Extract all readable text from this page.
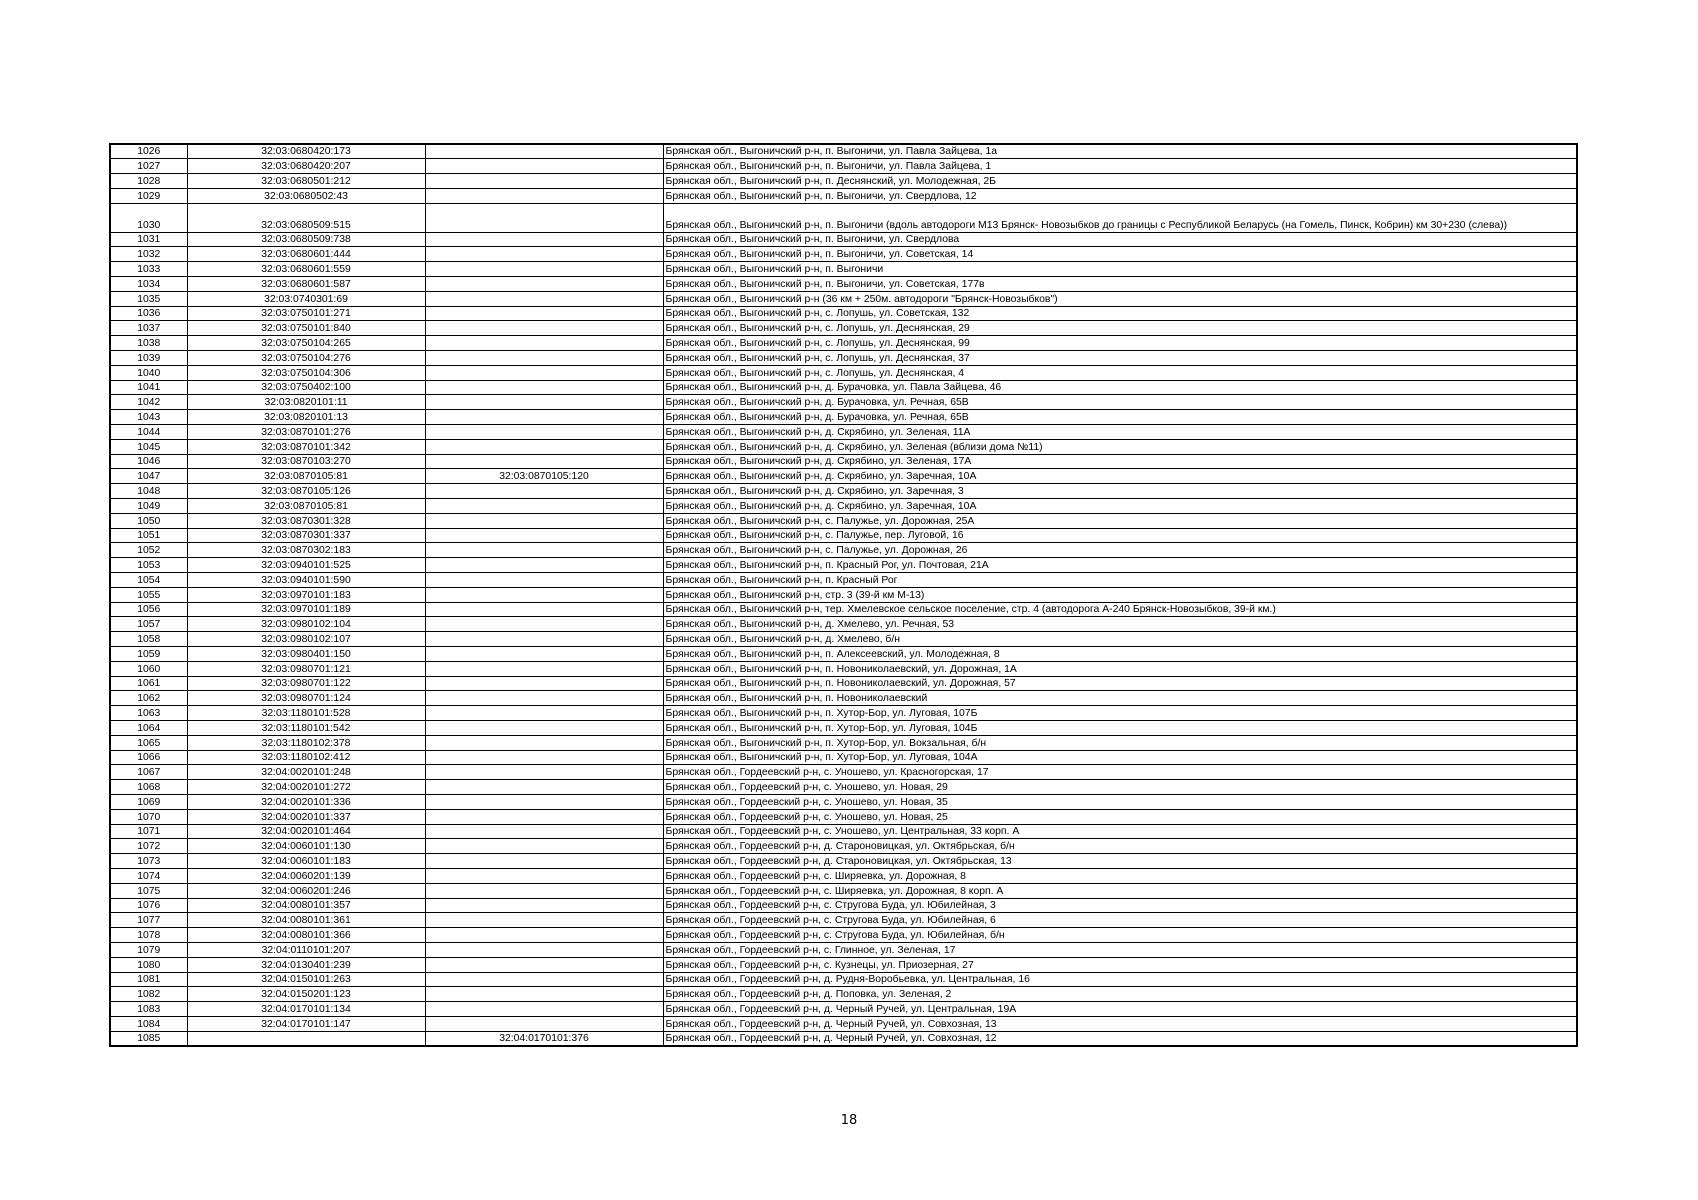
1026	32:03:0680420:173		Брянская обл., Выгоничский р-н, п. Выгоничи, ул. Павла Зайцева, 1а
1027	32:03:0680420:207		Брянская обл., Выгоничский р-н, п. Выгоничи, ул. Павла Зайцева, 1
1028	32:03:0680501:212		Брянская обл., Выгоничский р-н, п. Деснянский, ул. Молодежная, 2Б
1029	32:03:0680502:43		Брянская обл., Выгоничский р-н, п. Выгоничи, ул. Свердлова, 12
1030	32:03:0680509:515		Брянская обл., Выгоничский р-н, п. Выгоничи (вдоль автодороги М13 Брянск- Новозыбков до границы с Республикой Беларусь (на Гомель, Пинск, Кобрин) км 30+230 (слева))
1031	32:03:0680509:738		Брянская обл., Выгоничский р-н, п. Выгоничи, ул. Свердлова
1032	32:03:0680601:444		Брянская обл., Выгоничский р-н, п. Выгоничи, ул. Советская, 14
1033	32:03:0680601:559		Брянская обл., Выгоничский р-н, п. Выгоничи
1034	32:03:0680601:587		Брянская обл., Выгоничский р-н, п. Выгоничи, ул. Советская, 177в
1035	32:03:0740301:69		Брянская обл., Выгоничский р-н (36 км + 250м. автодороги "Брянск-Новозыбков")
1036	32:03:0750101:271		Брянская обл., Выгоничский р-н, с. Лопушь, ул. Советская, 132
1037	32:03:0750101:840		Брянская обл., Выгоничский р-н, с. Лопушь, ул. Деснянская, 29
1038	32:03:0750104:265		Брянская обл., Выгоничский р-н, с. Лопушь, ул. Деснянская, 99
1039	32:03:0750104:276		Брянская обл., Выгоничский р-н, с. Лопушь, ул. Деснянская, 37
1040	32:03:0750104:306		Брянская обл., Выгоничский р-н, с. Лопушь, ул. Деснянская, 4
1041	32:03:0750402:100		Брянская обл., Выгоничский р-н, д. Бурачовка, ул. Павла Зайцева, 46
1042	32:03:0820101:11		Брянская обл., Выгоничский р-н, д. Бурачовка, ул. Речная, 65В
1043	32:03:0820101:13		Брянская обл., Выгоничский р-н, д. Бурачовка, ул. Речная, 65В
1044	32:03:0870101:276		Брянская обл., Выгоничский р-н, д. Скрябино, ул. Зеленая, 11А
1045	32:03:0870101:342		Брянская обл., Выгоничский р-н, д. Скрябино, ул. Зеленая (вблизи дома №11)
1046	32:03:0870103:270		Брянская обл., Выгоничский р-н, д. Скрябино, ул. Зеленая, 17А
1047	32:03:0870105:81	32:03:0870105:120	Брянская обл., Выгоничский р-н, д. Скрябино, ул. Заречная, 10А
1048	32:03:0870105:126		Брянская обл., Выгоничский р-н, д. Скрябино, ул. Заречная, 3
1049	32:03:0870105:81		Брянская обл., Выгоничский р-н, д. Скрябино, ул. Заречная, 10А
1050	32:03:0870301:328		Брянская обл., Выгоничский р-н, с. Палужье, ул. Дорожная, 25А
1051	32:03:0870301:337		Брянская обл., Выгоничский р-н, с. Палужье, пер. Луговой, 16
1052	32:03:0870302:183		Брянская обл., Выгоничский р-н, с. Палужье, ул. Дорожная, 26
1053	32:03:0940101:525		Брянская обл., Выгоничский р-н, п. Красный Рог, ул. Почтовая, 21А
1054	32:03:0940101:590		Брянская обл., Выгоничский р-н, п. Красный Рог
1055	32:03:0970101:183		Брянская обл., Выгоничский р-н, стр. 3 (39-й км М-13)
1056	32:03:0970101:189		Брянская обл., Выгоничский р-н, тер. Хмелевское сельское поселение, стр. 4 (автодорога А-240 Брянск-Новозыбков, 39-й км.)
1057	32:03:0980102:104		Брянская обл., Выгоничский р-н, д. Хмелево, ул. Речная, 53
1058	32:03:0980102:107		Брянская обл., Выгоничский р-н, д. Хмелево, б/н
1059	32:03:0980401:150		Брянская обл., Выгоничский р-н, п. Алексеевский, ул. Молодежная, 8
1060	32:03:0980701:121		Брянская обл., Выгоничский р-н, п. Новониколаевский, ул. Дорожная, 1А
1061	32:03:0980701:122		Брянская обл., Выгоничский р-н, п. Новониколаевский, ул. Дорожная, 57
1062	32:03:0980701:124		Брянская обл., Выгоничский р-н, п. Новониколаевский
1063	32:03:1180101:528		Брянская обл., Выгоничский р-н, п. Хутор-Бор, ул. Луговая, 107Б
1064	32:03:1180101:542		Брянская обл., Выгоничский р-н, п. Хутор-Бор, ул. Луговая, 104Б
1065	32:03:1180102:378		Брянская обл., Выгоничский р-н, п. Хутор-Бор, ул. Вокзальная, б/н
1066	32:03:1180102:412		Брянская обл., Выгоничский р-н, п. Хутор-Бор, ул. Луговая, 104А
1067	32:04:0020101:248		Брянская обл., Гордеевский р-н, с. Уношево, ул. Красногорская, 17
1068	32:04:0020101:272		Брянская обл., Гордеевский р-н, с. Уношево, ул. Новая, 29
1069	32:04:0020101:336		Брянская обл., Гордеевский р-н, с. Уношево, ул. Новая, 35
1070	32:04:0020101:337		Брянская обл., Гордеевский р-н, с. Уношево, ул. Новая, 25
1071	32:04:0020101:464		Брянская обл., Гордеевский р-н, с. Уношево, ул. Центральная, 33 корп. А
1072	32:04:0060101:130		Брянская обл., Гордеевский р-н, д. Староновицкая, ул. Октябрьская, б/н
1073	32:04:0060101:183		Брянская обл., Гордеевский р-н, д. Староновицкая, ул. Октябрьская, 13
1074	32:04:0060201:139		Брянская обл., Гордеевский р-н, с. Ширяевка, ул. Дорожная, 8
1075	32:04:0060201:246		Брянская обл., Гордеевский р-н, с. Ширяевка, ул. Дорожная, 8 корп. А
1076	32:04:0080101:357		Брянская обл., Гордеевский р-н, с. Стругова Буда, ул. Юбилейная, 3
1077	32:04:0080101:361		Брянская обл., Гордеевский р-н, с. Стругова Буда, ул. Юбилейная, 6
1078	32:04:0080101:366		Брянская обл., Гордеевский р-н, с. Стругова Буда, ул. Юбилейная, б/н
1079	32:04:0110101:207		Брянская обл., Гордеевский р-н, с. Глинное, ул. Зеленая, 17
1080	32:04:0130401:239		Брянская обл., Гордеевский р-н, с. Кузнецы, ул. Приозерная, 27
1081	32:04:0150101:263		Брянская обл., Гордеевский р-н, д. Рудня-Воробьевка, ул. Центральная, 16
1082	32:04:0150201:123		Брянская обл., Гордеевский р-н, д. Поповка, ул. Зеленая, 2
1083	32:04:0170101:134		Брянская обл., Гордеевский р-н, д. Черный Ручей, ул. Центральная, 19А
1084	32:04:0170101:147		Брянская обл., Гордеевский р-н, д. Черный Ручей, ул. Совхозная, 13
1085		32:04:0170101:376	Брянская обл., Гордеевский р-н, д. Черный Ручей, ул. Совхозная, 12
18
